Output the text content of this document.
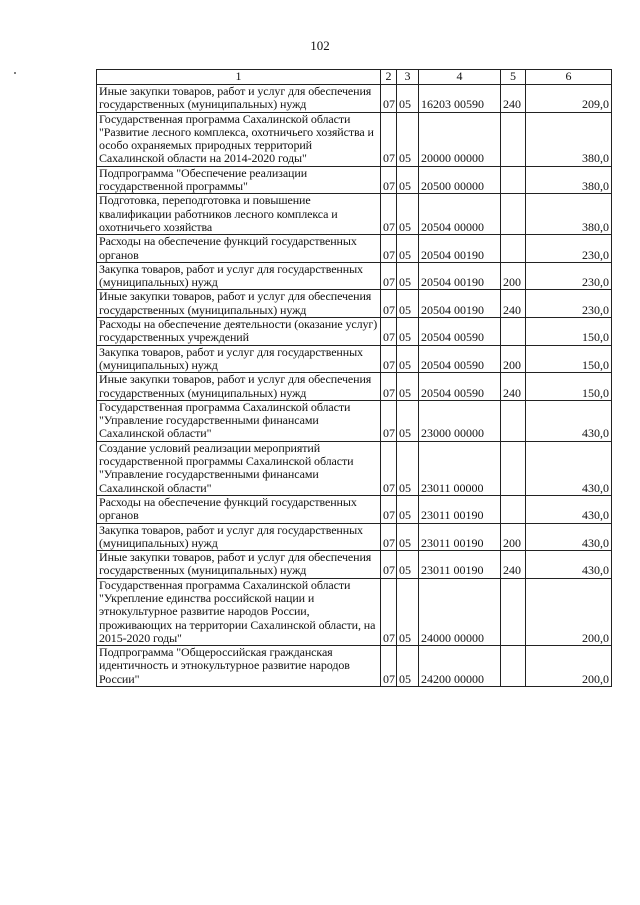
102
1	2	3	4	5	6
Иные закупки товаров, работ и услуг для обеспечения государственных (муниципальных) нужд	07	05	16203 00590	240	209,0
Государственная программа Сахалинской области "Развитие лесного комплекса, охотничьего хозяйства и особо охраняемых природных территорий Сахалинской области на 2014-2020 годы"	07	05	20000 00000		380,0
Подпрограмма "Обеспечение реализации государственной программы"	07	05	20500 00000		380,0
Подготовка, переподготовка и повышение квалификации работников лесного комплекса и охотничьего хозяйства	07	05	20504 00000		380,0
Расходы на обеспечение функций государственных органов	07	05	20504 00190		230,0
Закупка товаров, работ и услуг для государственных (муниципальных) нужд	07	05	20504 00190	200	230,0
Иные закупки товаров, работ и услуг для обеспечения государственных (муниципальных) нужд	07	05	20504 00190	240	230,0
Расходы на обеспечение деятельности (оказание услуг) государственных учреждений	07	05	20504 00590		150,0
Закупка товаров, работ и услуг для государственных (муниципальных) нужд	07	05	20504 00590	200	150,0
Иные закупки товаров, работ и услуг для обеспечения государственных (муниципальных) нужд	07	05	20504 00590	240	150,0
Государственная программа Сахалинской области "Управление государственными финансами Сахалинской области"	07	05	23000 00000		430,0
Создание условий реализации мероприятий государственной программы Сахалинской области "Управление государственными финансами Сахалинской области"	07	05	23011 00000		430,0
Расходы на обеспечение функций государственных органов	07	05	23011 00190		430,0
Закупка товаров, работ и услуг для государственных (муниципальных) нужд	07	05	23011 00190	200	430,0
Иные закупки товаров, работ и услуг для обеспечения государственных (муниципальных) нужд	07	05	23011 00190	240	430,0
Государственная программа Сахалинской области "Укрепление единства российской нации и этнокультурное развитие народов России, проживающих на территории Сахалинской области, на 2015-2020 годы"	07	05	24000 00000		200,0
Подпрограмма "Общероссийская гражданская идентичность и этнокультурное развитие народов России"	07	05	24200 00000		200,0
